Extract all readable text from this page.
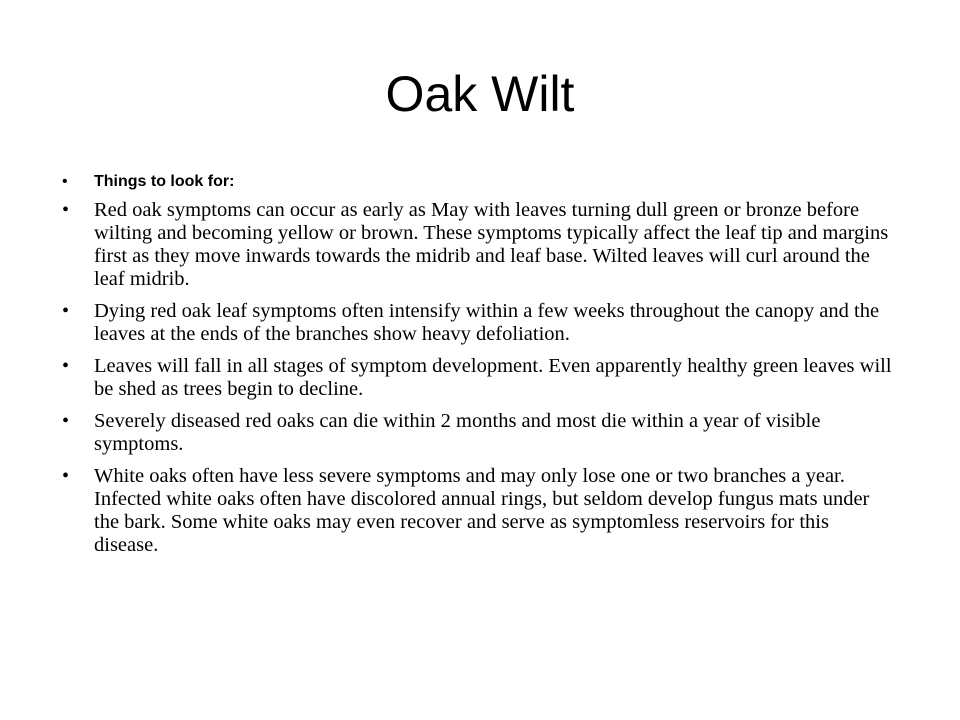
Oak Wilt
• Things to look for:
• Red oak symptoms can occur as early as May with leaves turning dull green or bronze before wilting and becoming yellow or brown. These symptoms typically affect the leaf tip and margins first as they move inwards towards the midrib and leaf base. Wilted leaves will curl around the leaf midrib.
• Dying red oak leaf symptoms often intensify within a few weeks throughout the canopy and the leaves at the ends of the branches show heavy defoliation.
• Leaves will fall in all stages of symptom development. Even apparently healthy green leaves will be shed as trees begin to decline.
• Severely diseased red oaks can die within 2 months and most die within a year of visible symptoms.
• White oaks often have less severe symptoms and may only lose one or two branches a year. Infected white oaks often have discolored annual rings, but seldom develop fungus mats under the bark. Some white oaks may even recover and serve as symptomless reservoirs for this disease.
